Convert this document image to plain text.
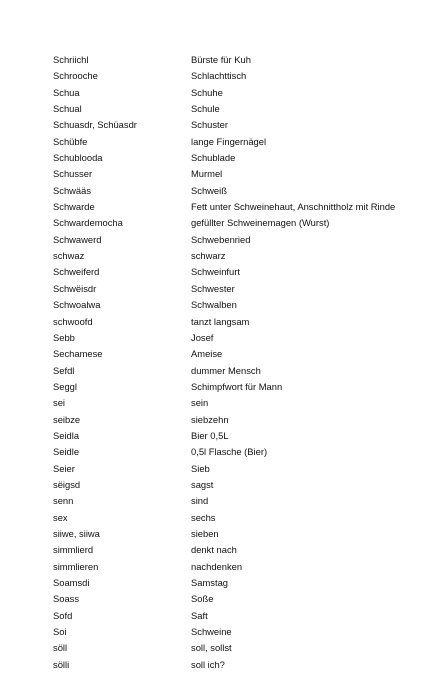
Schriichl	Bürste für Kuh
Schrooche	Schlachttisch
Schua	Schuhe
Schual	Schule
Schuasdr, Schüasdr	Schuster
Schübfe	lange Fingernägel
Schublooda	Schublade
Schusser	Murmel
Schwääs	Schweiß
Schwarde	Fett unter Schweinehaut, Anschnittholz mit Rinde
Schwardemocha	gefüllter Schweinemagen (Wurst)
Schwawerd	Schwebenried
schwaz	schwarz
Schweiferd	Schweinfurt
Schwëisdr	Schwester
Schwoalwa	Schwalben
schwoofd	tanzt langsam
Sebb	Josef
Sechamese	Ameise
Sefdl	dummer Mensch
Seggl	Schimpfwort für Mann
sei	sein
seibze	siebzehn
Seidla	Bier 0,5L
Seidle	0,5l Flasche (Bier)
Seier	Sieb
sëigsd	sagst
senn	sind
sex	sechs
siiwe, siiwa	sieben
simmlierd	denkt nach
simmlieren	nachdenken
Soamsdi	Samstag
Soass	Soße
Sofd	Saft
Soi	Schweine
söll	soll, sollst
sölli	soll ich?
